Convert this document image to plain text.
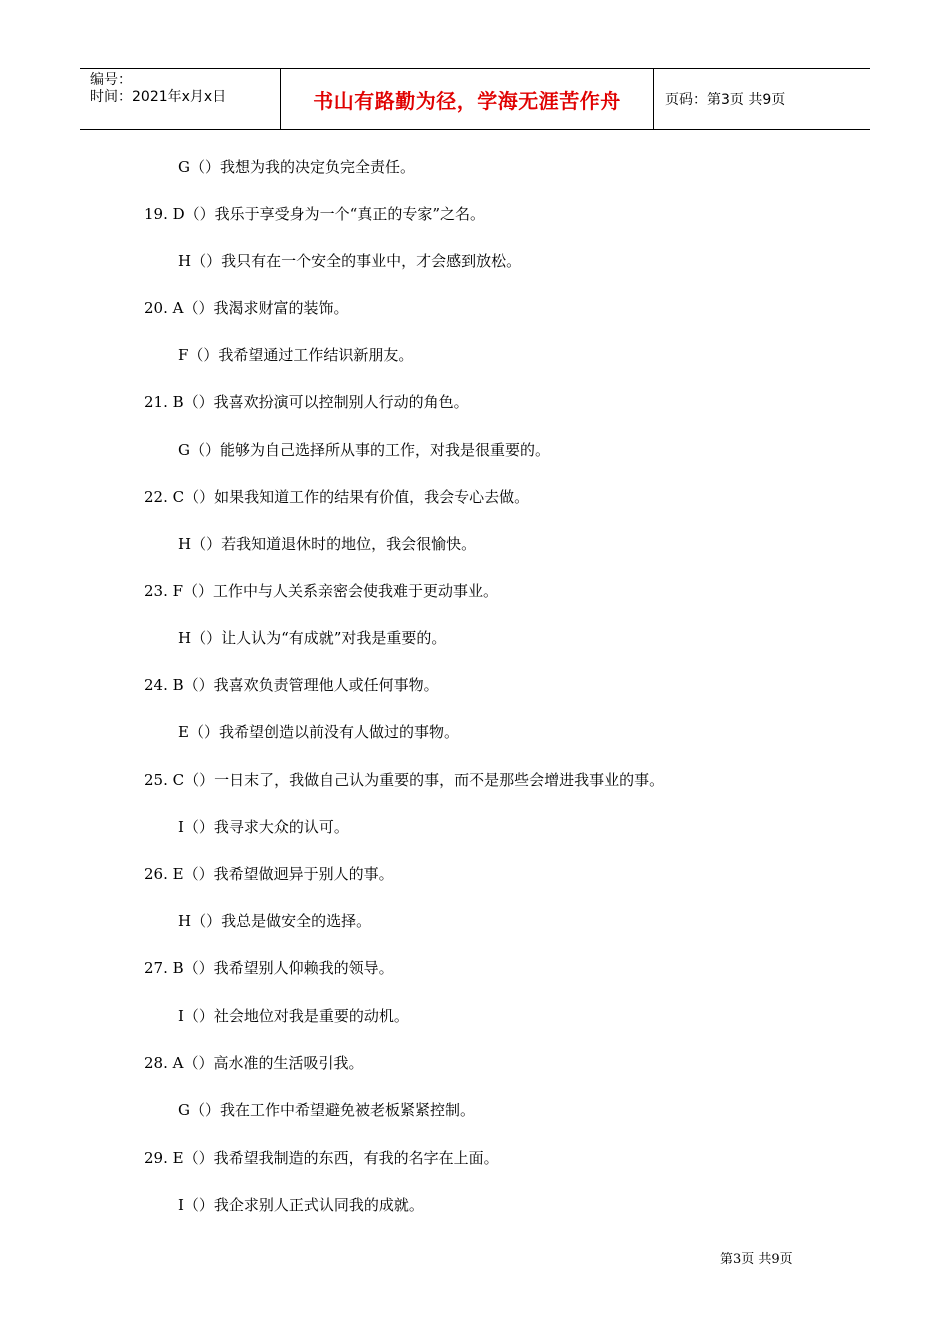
编号：
时间：2021年x月x日	书山有路勤为径，学海无涯苦作舟	页码：第3页 共9页
G（）我想为我的决定负完全责任。
19. D（）我乐于享受身为一个“真正的专家”之名。
H（）我只有在一个安全的事业中，才会感到放松。
20. A（）我渴求财富的装饰。
F（）我希望通过工作结识新朋友。
21. B（）我喜欢扮演可以控制别人行动的角色。
G（）能够为自己选择所从事的工作，对我是很重要的。
22. C（）如果我知道工作的结果有价值，我会专心去做。
H（）若我知道退休时的地位，我会很愉快。
23. F（）工作中与人关系亲密会使我难于更动事业。
H（）让人认为“有成就”对我是重要的。
24. B（）我喜欢负责管理他人或任何事物。
E（）我希望创造以前没有人做过的事物。
25. C（）一日末了，我做自己认为重要的事，而不是那些会增进我事业的事。
I（）我寻求大众的认可。
26. E（）我希望做迥异于别人的事。
H（）我总是做安全的选择。
27. B（）我希望别人仰赖我的领导。
I（）社会地位对我是重要的动机。
28. A（）高水准的生活吸引我。
G（）我在工作中希望避免被老板紧紧控制。
29. E（）我希望我制造的东西，有我的名字在上面。
I（）我企求别人正式认同我的成就。
第3页 共9页
